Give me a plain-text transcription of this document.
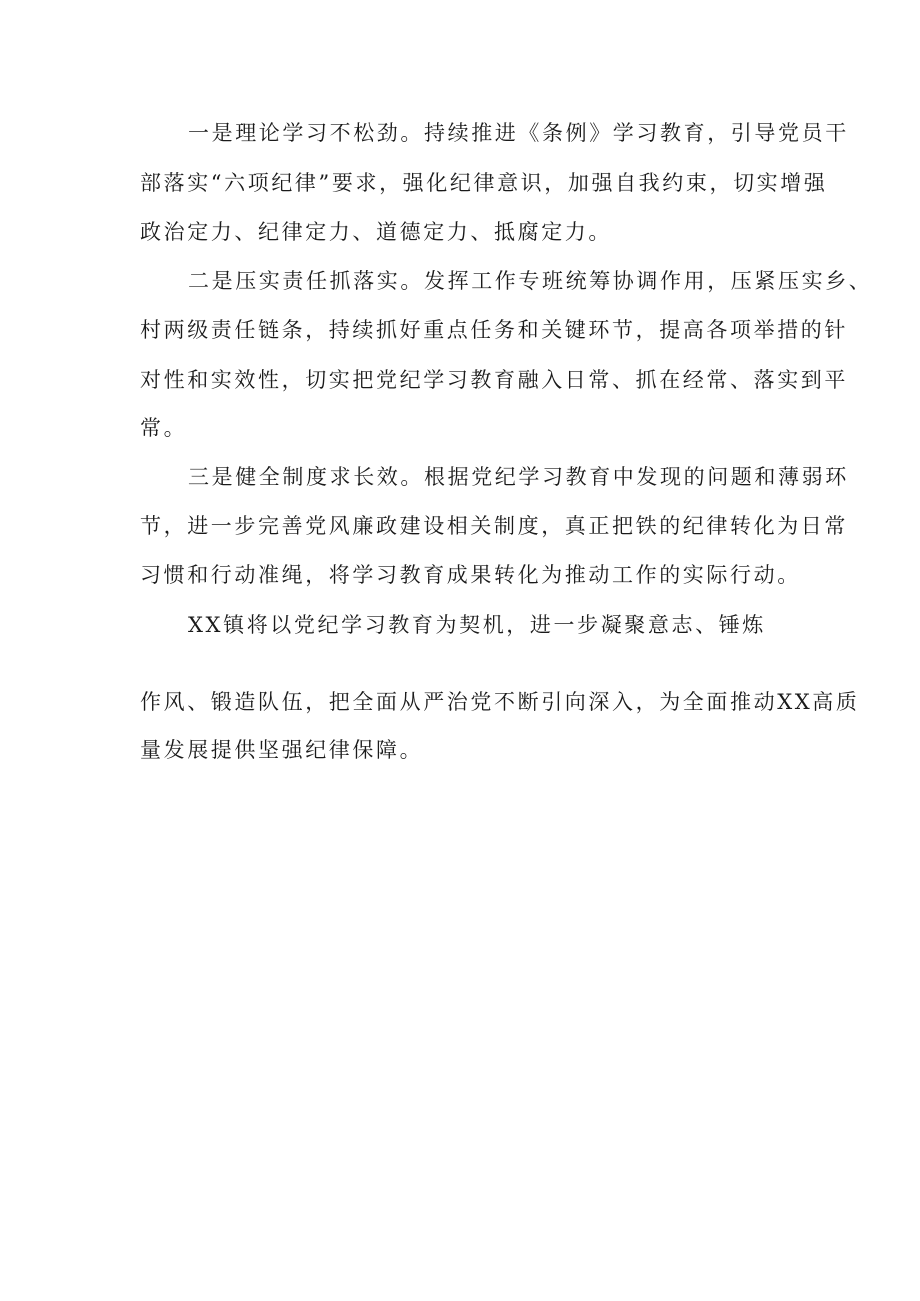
一是理论学习不松劲。持续推进《条例》学习教育，引导党员干
部落实“六项纪律”要求，强化纪律意识，加强自我约束，切实增强
政治定力、纪律定力、道德定力、抵腐定力。
二是压实责任抓落实。发挥工作专班统筹协调作用，压紧压实乡、
村两级责任链条，持续抓好重点任务和关键环节，提高各项举措的针
对性和实效性，切实把党纪学习教育融入日常、抓在经常、落实到平
常。
三是健全制度求长效。根据党纪学习教育中发现的问题和薄弱环
节，进一步完善党风廉政建设相关制度，真正把铁的纪律转化为日常
习惯和行动准绳，将学习教育成果转化为推动工作的实际行动。
XX镇将以党纪学习教育为契机，进一步凝聚意志、锤炼
作风、锻造队伍，把全面从严治党不断引向深入，为全面推动XX高质
量发展提供坚强纪律保障。
